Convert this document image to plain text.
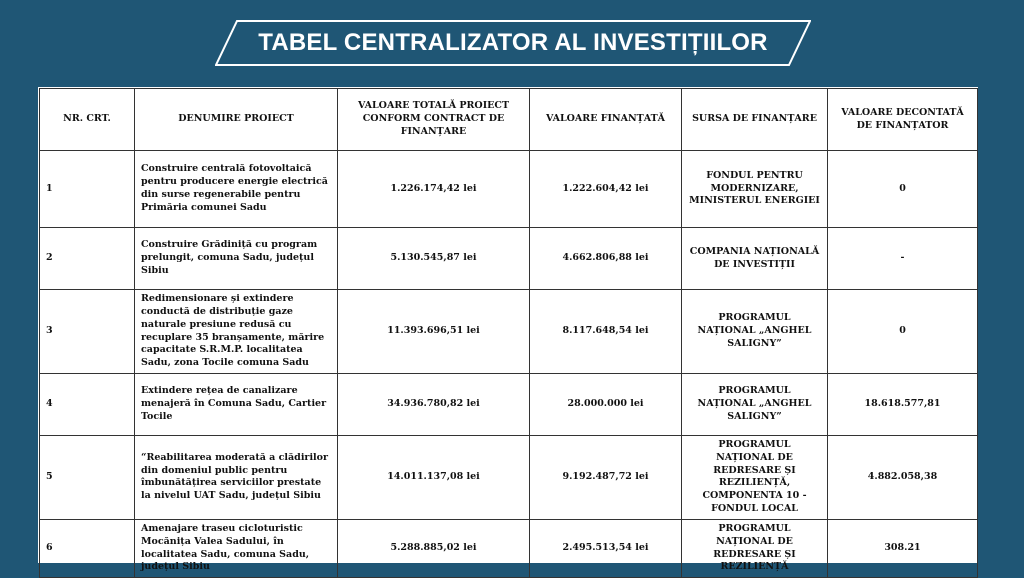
TABEL CENTRALIZATOR AL INVESTIȚIILOR
NR. CRT.	DENUMIRE PROIECT	VALOARE TOTALĂ PROIECT CONFORM CONTRACT DE FINANȚARE	VALOARE FINANȚATĂ	SURSA DE FINANȚARE	VALOARE DECONTATĂ DE FINANȚATOR
1	Construire centrală fotovoltaică pentru producere energie electrică din surse regenerabile pentru Primăria comunei Sadu	1.226.174,42 lei	1.222.604,42 lei	FONDUL PENTRU MODERNIZARE, MINISTERUL ENERGIEI	0
2	Construire Grădiniță cu program prelungit, comuna Sadu, județul Sibiu	5.130.545,87 lei	4.662.806,88 lei	COMPANIA NAȚIONALĂ DE INVESTIȚII	-
3	Redimensionare și extindere conductă de distribuție gaze naturale presiune redusă cu recuplare 35 branșamente, mărire capacitate S.R.M.P. localitatea Sadu, zona Tocile comuna Sadu	11.393.696,51 lei	8.117.648,54 lei	PROGRAMUL NAȚIONAL „ANGHEL SALIGNY”	0
4	Extindere rețea de canalizare menajeră în Comuna Sadu, Cartier Tocile	34.936.780,82 lei	28.000.000 lei	PROGRAMUL NAȚIONAL „ANGHEL SALIGNY”	18.618.577,81
5	“Reabilitarea moderată a clădirilor din domeniul public pentru îmbunătățirea serviciilor prestate la nivelul UAT Sadu, județul Sibiu	14.011.137,08 lei	9.192.487,72 lei	PROGRAMUL NAȚIONAL DE REDRESARE ȘI REZILIENȚĂ, COMPONENTA 10 - FONDUL LOCAL	4.882.058,38
6	Amenajare traseu cicloturistic Mocănița Valea Sadului, în localitatea Sadu, comuna Sadu, județul Sibiu	5.288.885,02 lei	2.495.513,54 lei	PROGRAMUL NAȚIONAL DE REDRESARE ȘI REZILIENȚĂ	308.21
